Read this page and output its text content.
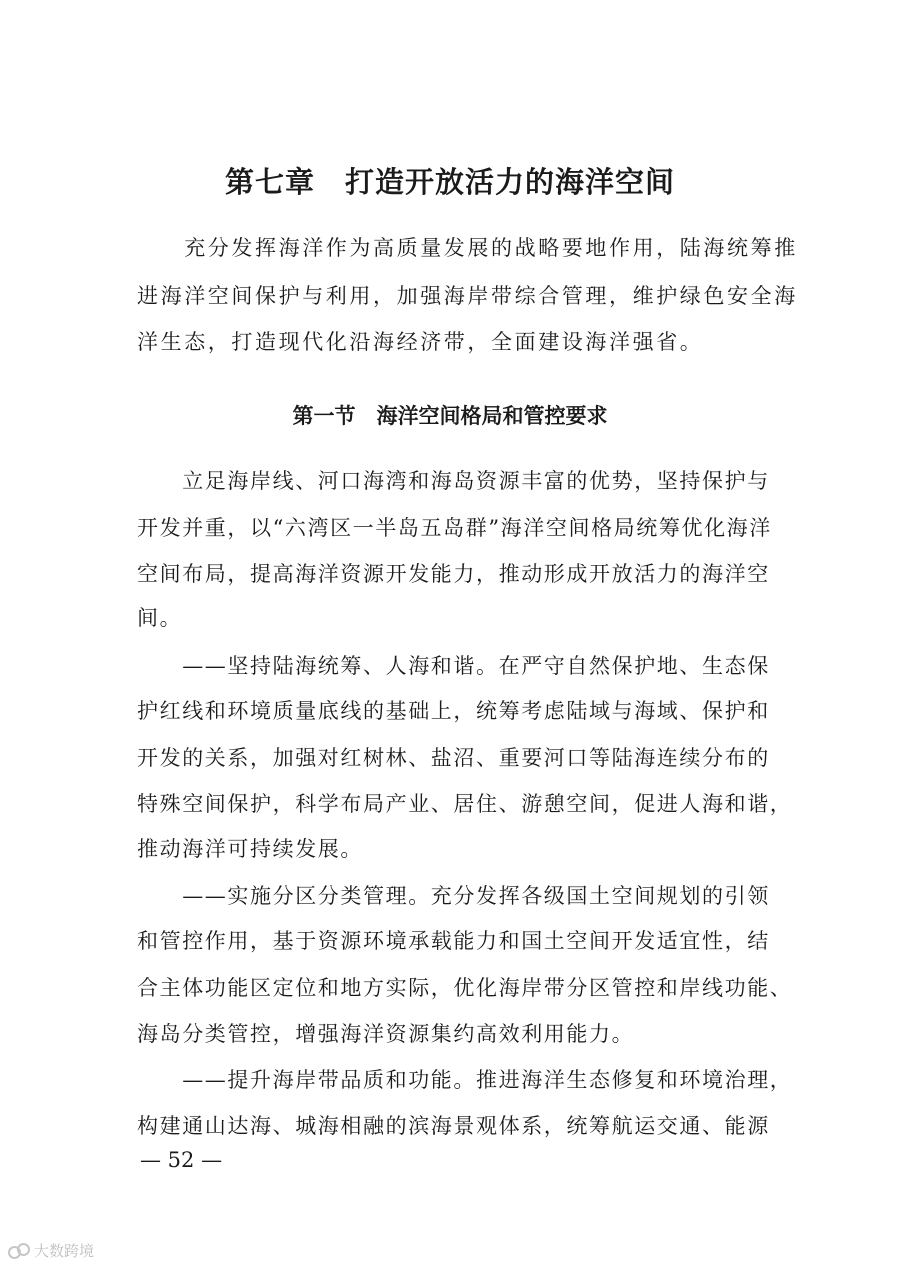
第七章　打造开放活力的海洋空间

　　充分发挥海洋作为高质量发展的战略要地作用，陆海统筹推

进海洋空间保护与利用，加强海岸带综合管理，维护绿色安全海

洋生态，打造现代化沿海经济带，全面建设海洋强省。

第一节　海洋空间格局和管控要求

　　立足海岸线、河口海湾和海岛资源丰富的优势，坚持保护与

开发并重，以“六湾区一半岛五岛群”海洋空间格局统筹优化海洋

空间布局，提高海洋资源开发能力，推动形成开放活力的海洋空

间。

　　——坚持陆海统筹、人海和谐。在严守自然保护地、生态保

护红线和环境质量底线的基础上，统筹考虑陆域与海域、保护和

开发的关系，加强对红树林、盐沼、重要河口等陆海连续分布的

特殊空间保护，科学布局产业、居住、游憩空间，促进人海和谐，

推动海洋可持续发展。

　　——实施分区分类管理。充分发挥各级国土空间规划的引领

和管控作用，基于资源环境承载能力和国土空间开发适宜性，结

合主体功能区定位和地方实际，优化海岸带分区管控和岸线功能、

海岛分类管控，增强海洋资源集约高效利用能力。

　　——提升海岸带品质和功能。推进海洋生态修复和环境治理，

构建通山达海、城海相融的滨海景观体系，统筹航运交通、能源

— 52 —
大数跨境
